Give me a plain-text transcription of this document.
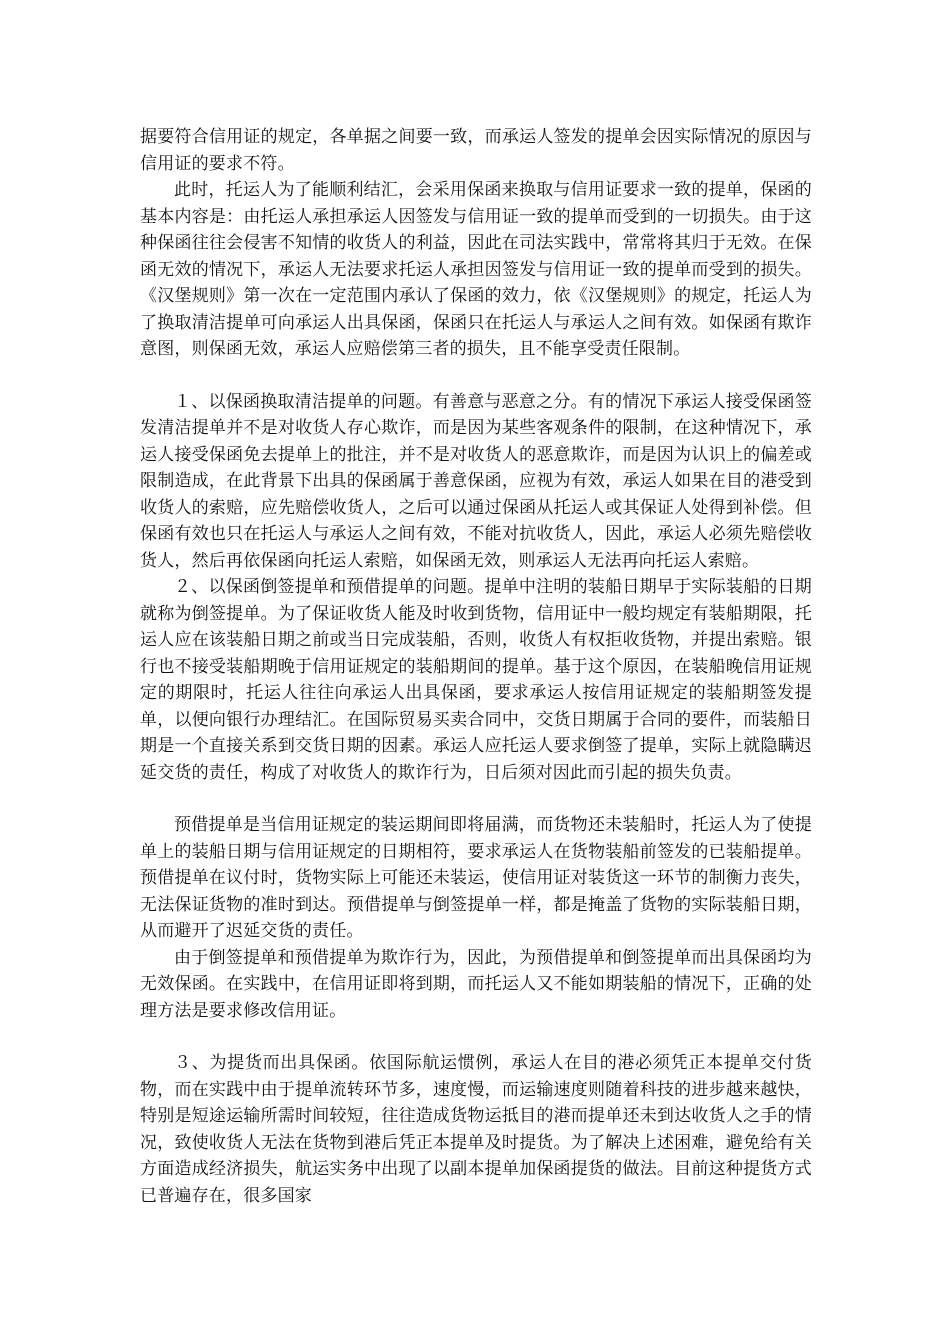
据要符合信用证的规定，各单据之间要一致，而承运人签发的提单会因实际情况的原因与信用证的要求不符。

此时，托运人为了能顺利结汇，会采用保函来换取与信用证要求一致的提单，保函的基本内容是：由托运人承担承运人因签发与信用证一致的提单而受到的一切损失。由于这种保函往往会侵害不知情的收货人的利益，因此在司法实践中，常常将其归于无效。在保函无效的情况下，承运人无法要求托运人承担因签发与信用证一致的提单而受到的损失。《汉堡规则》第一次在一定范围内承认了保函的效力，依《汉堡规则》的规定，托运人为了换取清洁提单可向承运人出具保函，保函只在托运人与承运人之间有效。如保函有欺诈意图，则保函无效，承运人应赔偿第三者的损失，且不能享受责任限制。

１、以保函换取清洁提单的问题。有善意与恶意之分。有的情况下承运人接受保函签发清洁提单并不是对收货人存心欺诈，而是因为某些客观条件的限制，在这种情况下，承运人接受保函免去提单上的批注，并不是对收货人的恶意欺诈，而是因为认识上的偏差或限制造成，在此背景下出具的保函属于善意保函，应视为有效，承运人如果在目的港受到收货人的索赔，应先赔偿收货人，之后可以通过保函从托运人或其保证人处得到补偿。但保函有效也只在托运人与承运人之间有效，不能对抗收货人，因此，承运人必须先赔偿收货人，然后再依保函向托运人索赔，如保函无效，则承运人无法再向托运人索赔。

２、以保函倒签提单和预借提单的问题。提单中注明的装船日期早于实际装船的日期就称为倒签提单。为了保证收货人能及时收到货物，信用证中一般均规定有装船期限，托运人应在该装船日期之前或当日完成装船，否则，收货人有权拒收货物，并提出索赔。银行也不接受装船期晚于信用证规定的装船期间的提单。基于这个原因，在装船晚信用证规定的期限时，托运人往往向承运人出具保函，要求承运人按信用证规定的装船期签发提单，以便向银行办理结汇。在国际贸易买卖合同中，交货日期属于合同的要件，而装船日期是一个直接关系到交货日期的因素。承运人应托运人要求倒签了提单，实际上就隐瞒迟延交货的责任，构成了对收货人的欺诈行为，日后须对因此而引起的损失负责。

预借提单是当信用证规定的装运期间即将届满，而货物还未装船时，托运人为了使提单上的装船日期与信用证规定的日期相符，要求承运人在货物装船前签发的已装船提单。预借提单在议付时，货物实际上可能还未装运，使信用证对装货这一环节的制衡力丧失，无法保证货物的准时到达。预借提单与倒签提单一样，都是掩盖了货物的实际装船日期，从而避开了迟延交货的责任。

由于倒签提单和预借提单为欺诈行为，因此，为预借提单和倒签提单而出具保函均为无效保函。在实践中，在信用证即将到期，而托运人又不能如期装船的情况下，正确的处理方法是要求修改信用证。

３、为提货而出具保函。依国际航运惯例，承运人在目的港必须凭正本提单交付货物，而在实践中由于提单流转环节多，速度慢，而运输速度则随着科技的进步越来越快，特别是短途运输所需时间较短，往往造成货物运抵目的港而提单还未到达收货人之手的情况，致使收货人无法在货物到港后凭正本提单及时提货。为了解决上述困难，避免给有关方面造成经济损失，航运实务中出现了以副本提单加保函提货的做法。目前这种提货方式已普遍存在，很多国家
